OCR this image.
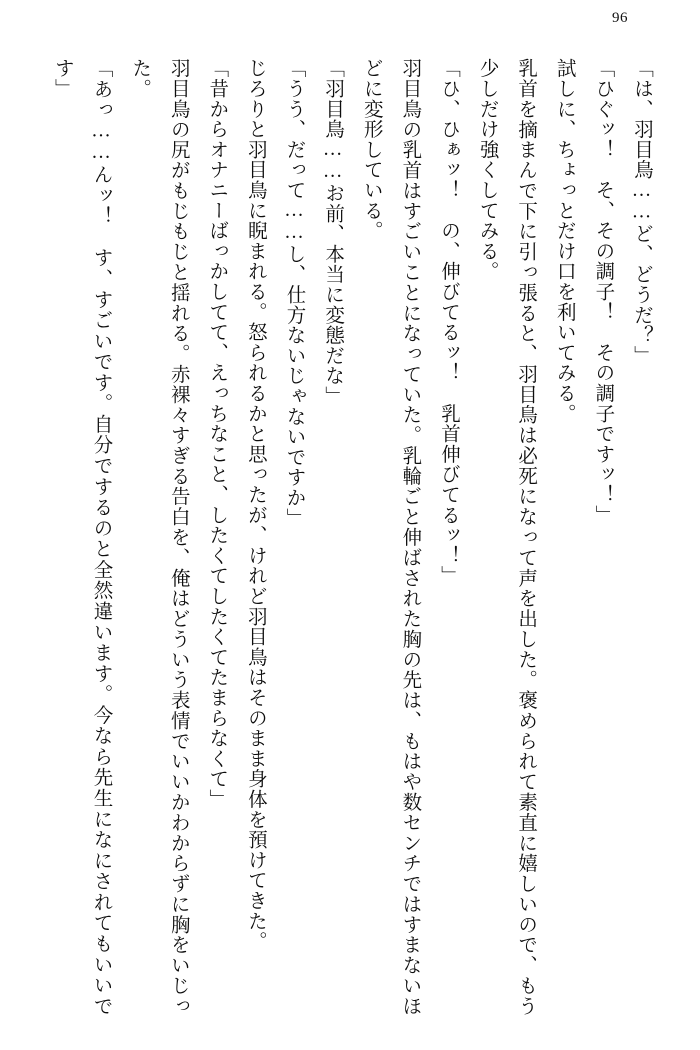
96

「は、羽目鳥……ど、どうだ？」

「ひぐッ！　そ、その調子！　その調子ですッ！」

試しに、ちょっとだけ口を利いてみる。

乳首を摘まんで下に引っ張ると、羽目鳥は必死になって声を出した。褒められて素直に嬉しいので、もう少しだけ強くしてみる。

「ひ、ひぁッ！　の、伸びてるッ！　乳首伸びてるッ！」

羽目鳥の乳首はすごいことになっていた。乳輪ごと伸ばされた胸の先は、もはや数センチではすまないほどに変形している。

「羽目鳥……お前、本当に変態だな」

「うう、だって……し、仕方ないじゃないですか」

じろりと羽目鳥に睨まれる。怒られるかと思ったが、けれど羽目鳥はそのまま身体を預けてきた。

「昔からオナニーばっかしてて、えっちなこと、したくてしたくてたまらなくて」

羽目鳥の尻がもじもじと揺れる。赤裸々すぎる告白を、俺はどういう表情でいいかわからずに胸をいじった。

「あっ……んッ！　す、すごいです。自分でするのと全然違います。今なら先生になにされてもいいです」
